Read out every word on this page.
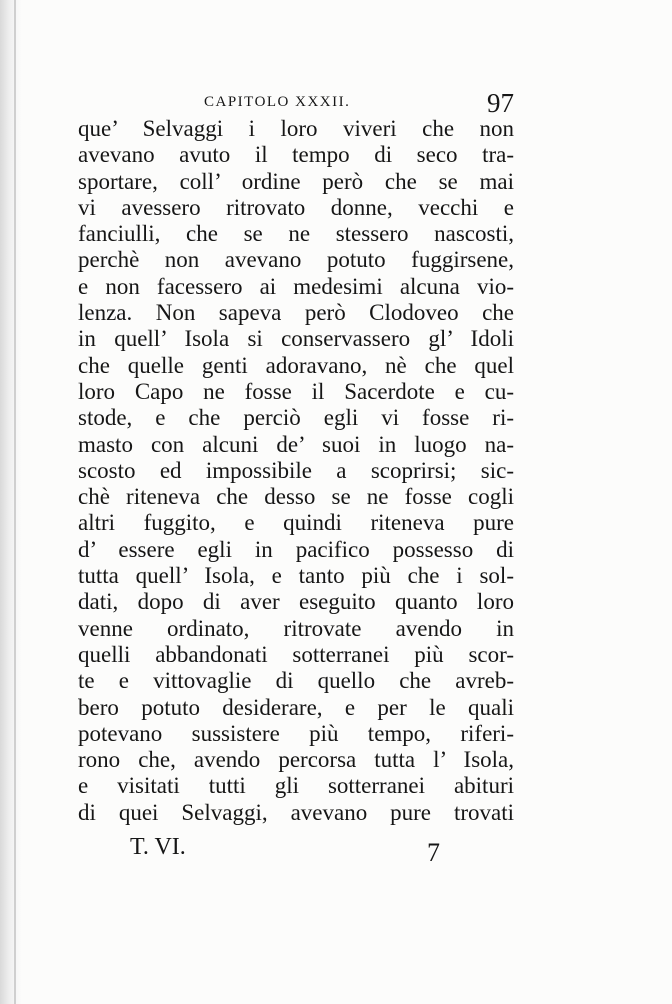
CAPITOLO XXXII.	97
que’ Selvaggi i loro viveri che non
avevano avuto il tempo di seco tra-
sportare, coll’ ordine però che se mai
vi avessero ritrovato donne, vecchi e
fanciulli, che se ne stessero nascosti,
perchè non avevano potuto fuggirsene,
e non facessero ai medesimi alcuna vio-
lenza. Non sapeva però Clodoveo che
in quell’ Isola si conservassero gl’ Idoli
che quelle genti adoravano, nè che quel
loro Capo ne fosse il Sacerdote e cu-
stode, e che perciò egli vi fosse ri-
masto con alcuni de’ suoi in luogo na-
scosto ed impossibile a scoprirsi; sic-
chè riteneva che desso se ne fosse cogli
altri fuggito, e quindi riteneva pure
d’ essere egli in pacifico possesso di
tutta quell’ Isola, e tanto più che i sol-
dati, dopo di aver eseguito quanto loro
venne ordinato, ritrovate avendo in
quelli abbandonati sotterranei più scor-
te e vittovaglie di quello che avreb-
bero potuto desiderare, e per le quali
potevano sussistere più tempo, riferi-
rono che, avendo percorsa tutta l’ Isola,
e visitati tutti gli sotterranei abituri
di quei Selvaggi, avevano pure trovati
T. VI.	7
